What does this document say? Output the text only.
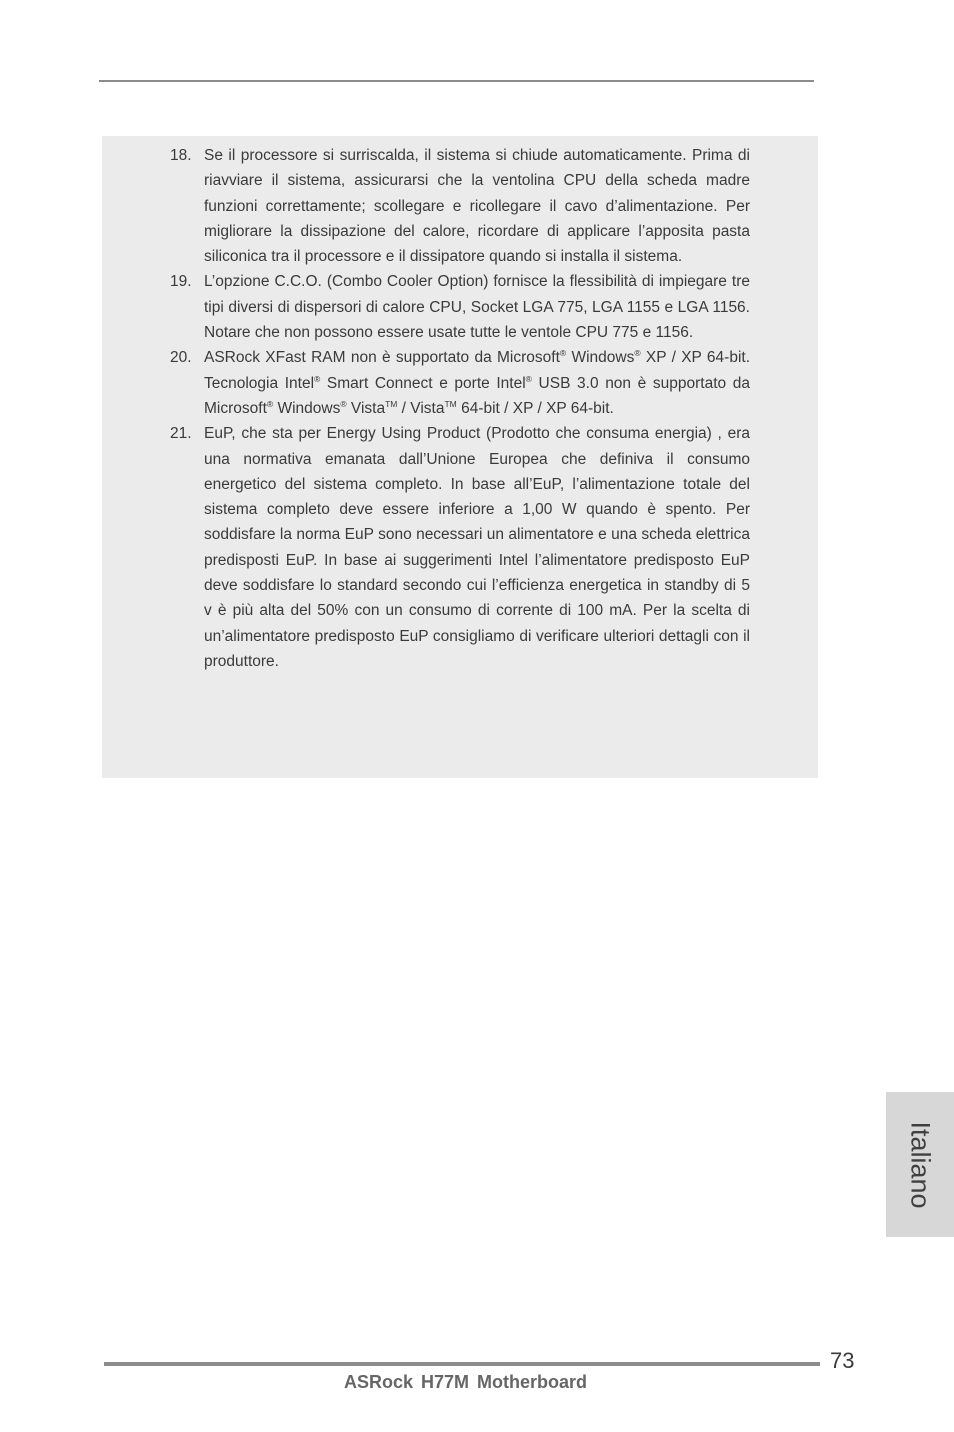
18. Se il processore si surriscalda, il sistema si chiude automaticamente. Prima di riavviare il sistema, assicurarsi che la ventolina CPU della scheda madre funzioni correttamente; scollegare e ricollegare il cavo d’alimentazione. Per migliorare la dissipazione del calore, ricordare di applicare l’apposita pasta siliconica tra il processore e il dissipatore quando si installa il sistema.
19. L’opzione C.C.O. (Combo Cooler Option) fornisce la flessibilità di impiegare tre tipi diversi di dispersori di calore CPU, Socket LGA 775, LGA 1155 e LGA 1156. Notare che non possono essere usate tutte le ventole CPU 775 e 1156.
20. ASRock XFast RAM non è supportato da Microsoft® Windows® XP / XP 64-bit. Tecnologia Intel® Smart Connect e porte Intel® USB 3.0 non è supportato da Microsoft® Windows® Vista™ / Vista™ 64-bit / XP / XP 64-bit.
21. EuP, che sta per Energy Using Product (Prodotto che consuma energia) , era una normativa emanata dall’Unione Europea che definiva il consumo energetico del sistema completo. In base all’EuP, l’alimentazione totale del sistema completo deve essere inferiore a 1,00 W quando è spento. Per soddisfare la norma EuP sono necessari un alimentatore e una scheda elettrica predisposti EuP. In base ai suggerimenti Intel l’alimentatore predisposto EuP deve soddisfare lo standard secondo cui l’efficienza energetica in standby di 5 v è più alta del 50% con un consumo di corrente di 100 mA. Per la scelta di un’alimentatore predisposto EuP consigliamo di verificare ulteriori dettagli con il produttore.
Italiano
73
ASRock H77M Motherboard
